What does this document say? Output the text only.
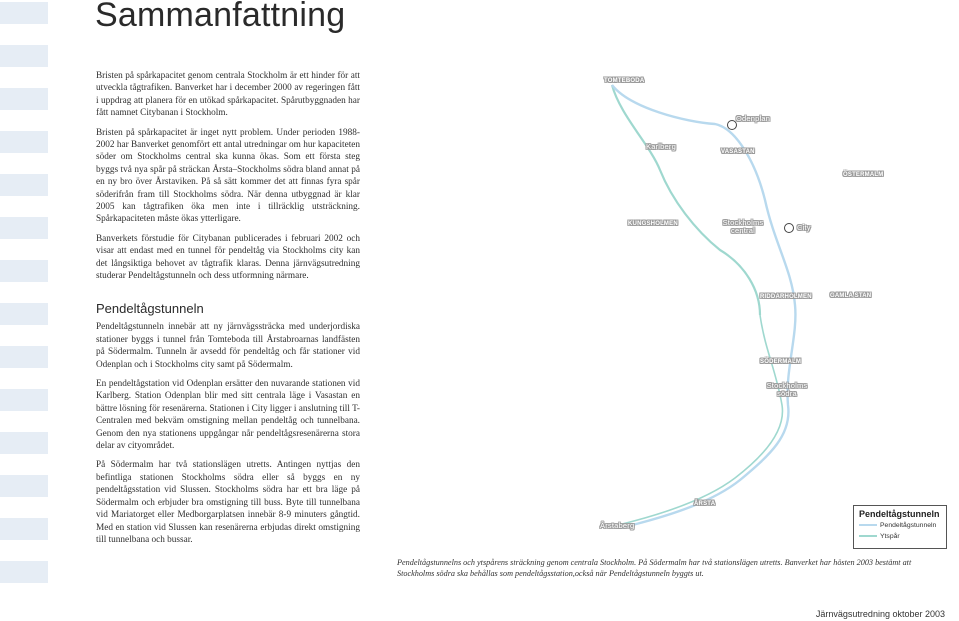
Sammanfattning

Bristen på spårkapacitet genom centrala Stockholm är ett hinder för att utveckla tågtrafiken. Banverket har i december 2000 av regeringen fått i uppdrag att planera för en utökad spårkapacitet. Spårutbyggnaden har fått namnet Citybanan i Stockholm.

Bristen på spårkapacitet är inget nytt problem. Under perioden 1988-2002 har Banverket genomfört ett antal utredningar om hur kapaciteten söder om Stockholms central ska kunna ökas. Som ett första steg byggs två nya spår på sträckan Årsta–Stockholms södra bland annat på en ny bro över Årstaviken. På så sätt kommer det att finnas fyra spår söderifrån fram till Stockholms södra. När denna utbyggnad är klar 2005 kan tågtrafiken öka men inte i tillräcklig utsträckning. Spårkapaciteten måste ökas ytterligare.

Banverkets förstudie för Citybanan publicerades i februari 2002 och visar att endast med en tunnel för pendeltåg via Stockholms city kan det långsiktiga behovet av tågtrafik klaras. Denna järnvägsutredning studerar Pendeltågstunneln och dess utformning närmare.

Pendeltågstunneln

Pendeltågstunneln innebär att ny järnvägssträcka med underjordiska stationer byggs i tunnel från Tomteboda till Årstabroarnas landfästen på Södermalm. Tunneln är avsedd för pendeltåg och får stationer vid Odenplan och i Stockholms city samt på Södermalm.

En pendeltågstation vid Odenplan ersätter den nuvarande stationen vid Karlberg. Station Odenplan blir med sitt centrala läge i Vasastan en bättre lösning för resenärerna. Stationen i City ligger i anslutning till T-Centralen med bekväm omstigning mellan pendeltåg och tunnelbana. Genom den nya stationens uppgångar når pendeltågsresenärerna stora delar av cityområdet.

På Södermalm har två stationslägen utretts. Antingen nyttjas den befintliga stationen Stockholms södra eller så byggs en ny pendeltågsstation vid Slussen. Stockholms södra har ett bra läge på Södermalm och erbjuder bra omstigning till buss. Byte till tunnelbana vid Mariatorget eller Medborgarplatsen innebär 8-9 minuters gångtid. Med en station vid Slussen kan resenärerna erbjudas direkt omstigning till tunnelbana och bussar.

TOMTEBODA
Odenplan
Karlberg
VASASTAN
ÖSTERMALM
KUNGSHOLMEN	Stockholms central	City
RIDDARHOLMEN	GAMLA STAN
SÖDERMALM
Stockholms södra
ÅRSTA
Årstaberg
Pendeltågstunneln
Pendeltågstunneln
Ytspår
Pendeltågstunnelns och ytspårens sträckning genom centrala Stockholm. På Södermalm har två stationslägen utretts. Banverket har hösten 2003 bestämt att Stockholms södra ska behållas som pendeltågsstation,också när Pendeltågstunneln byggts ut.
Järnvägsutredning oktober 2003
